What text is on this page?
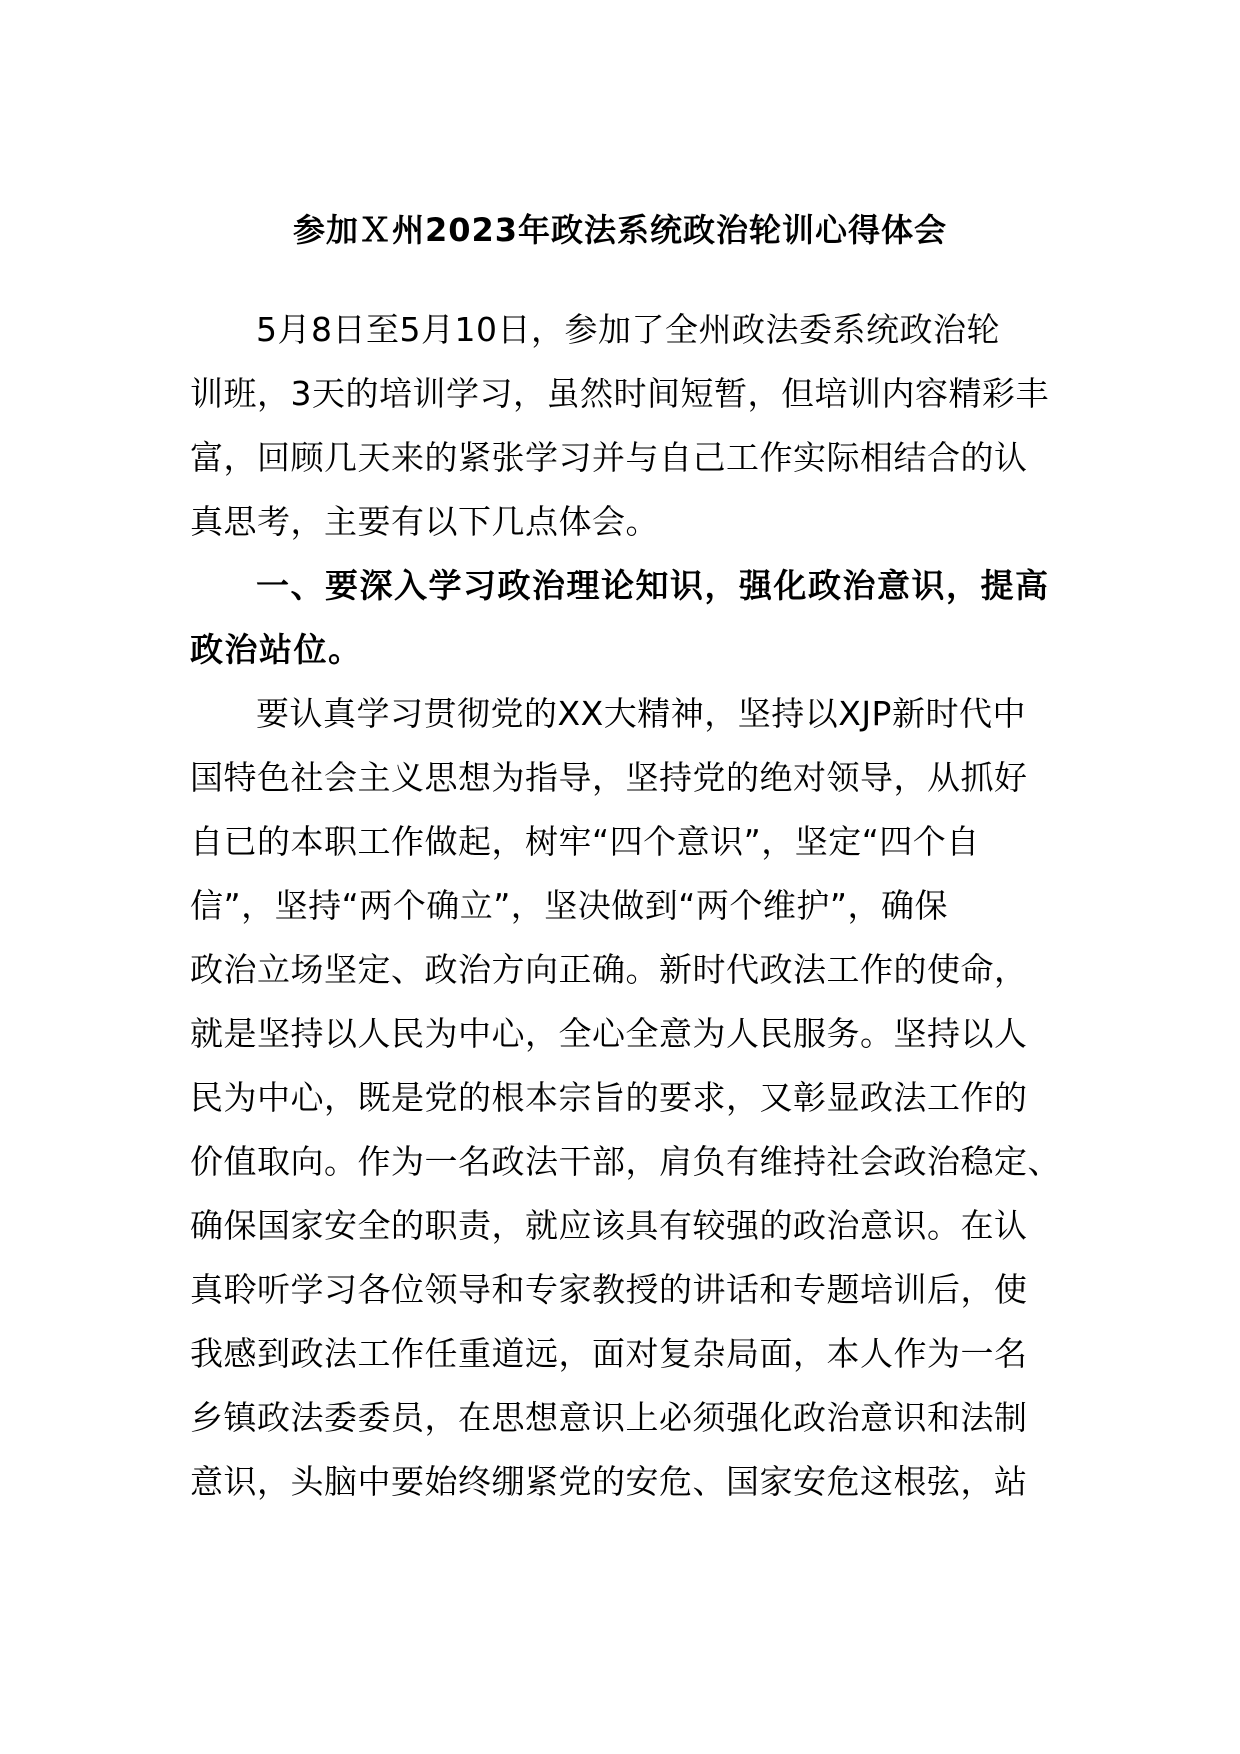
参加Ｘ州2023年政法系统政治轮训心得体会
5月8日至5月10日，参加了全州政法委系统政治轮
训班，3天的培训学习，虽然时间短暂，但培训内容精彩丰
富，回顾几天来的紧张学习并与自己工作实际相结合的认
真思考，主要有以下几点体会。
一、要深入学习政治理论知识，强化政治意识，提高
政治站位。
要认真学习贯彻党的XX大精神，坚持以XJP新时代中
国特色社会主义思想为指导，坚持党的绝对领导，从抓好
自已的本职工作做起，树牢“四个意识”，坚定“四个自
信”，坚持“两个确立”，坚决做到“两个维护”，确保
政治立场坚定、政治方向正确。新时代政法工作的使命，
就是坚持以人民为中心，全心全意为人民服务。坚持以人
民为中心，既是党的根本宗旨的要求，又彰显政法工作的
价值取向。作为一名政法干部，肩负有维持社会政治稳定、
确保国家安全的职责，就应该具有较强的政治意识。在认
真聆听学习各位领导和专家教授的讲话和专题培训后，使
我感到政法工作任重道远，面对复杂局面，本人作为一名
乡镇政法委委员，在思想意识上必须强化政治意识和法制
意识，头脑中要始终绷紧党的安危、国家安危这根弦，站
